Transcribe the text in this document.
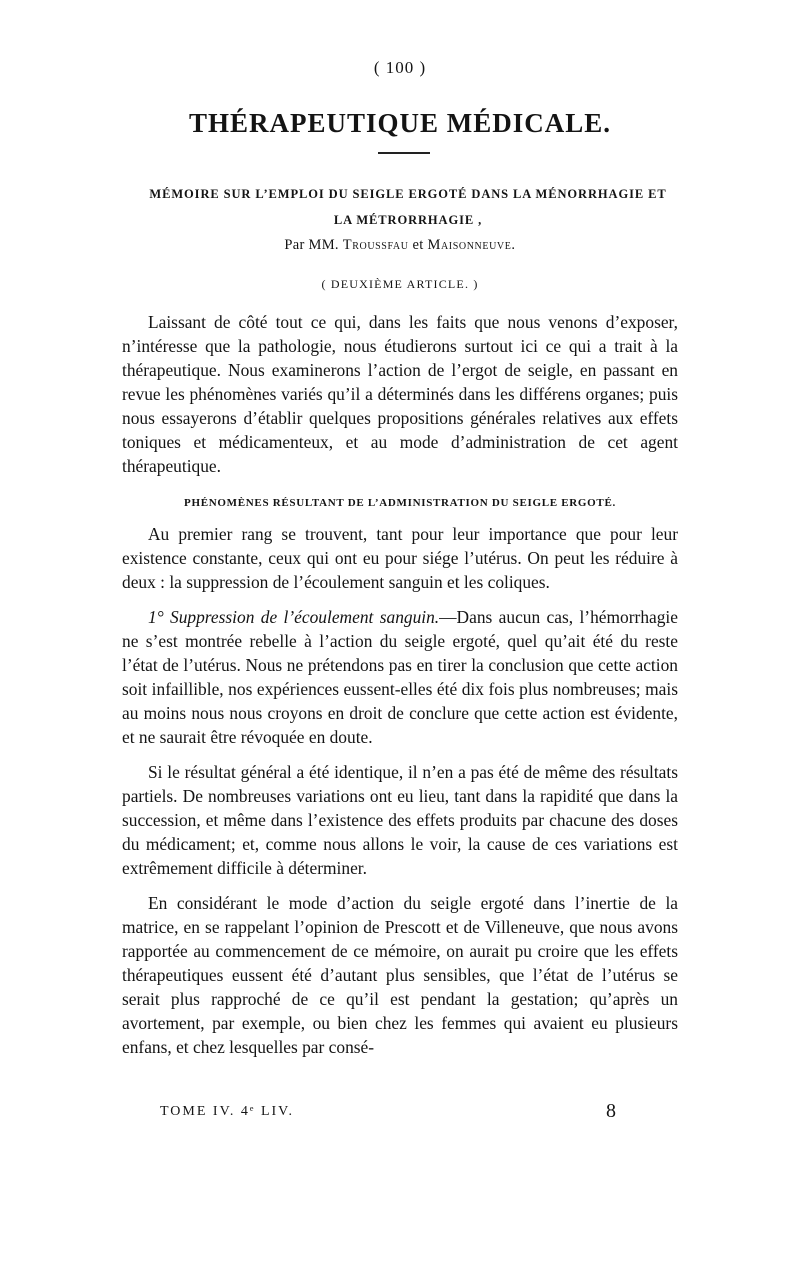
( 100 )
THÉRAPEUTIQUE MÉDICALE.
MÉMOIRE SUR L’EMPLOI DU SEIGLE ERGOTÉ DANS LA MÉNORRHAGIE ET LA MÉTRORRHAGIE ,
Par MM. Troussfau et Maisonneuve.
( DEUXIÈME ARTICLE. )

Laissant de côté tout ce qui, dans les faits que nous venons d’exposer, n’intéresse que la pathologie, nous étudierons surtout ici ce qui a trait à la thérapeutique. Nous examinerons l’action de l’ergot de seigle, en passant en revue les phénomènes variés qu’il a déterminés dans les différens organes; puis nous essayerons d’établir quelques propositions générales relatives aux effets toniques et médicamenteux, et au mode d’administration de cet agent thérapeutique.

PHÉNOMÈNES RÉSULTANT DE L’ADMINISTRATION DU SEIGLE ERGOTÉ.

Au premier rang se trouvent, tant pour leur importance que pour leur existence constante, ceux qui ont eu pour siége l’utérus. On peut les réduire à deux : la suppression de l’écoulement sanguin et les coliques.

1° Suppression de l’écoulement sanguin.—Dans aucun cas, l’hémorrhagie ne s’est montrée rebelle à l’action du seigle ergoté, quel qu’ait été du reste l’état de l’utérus. Nous ne prétendons pas en tirer la conclusion que cette action soit infaillible, nos expériences eussent-elles été dix fois plus nombreuses; mais au moins nous nous croyons en droit de conclure que cette action est évidente, et ne saurait être révoquée en doute.

Si le résultat général a été identique, il n’en a pas été de même des résultats partiels. De nombreuses variations ont eu lieu, tant dans la rapidité que dans la succession, et même dans l’existence des effets produits par chacune des doses du médicament; et, comme nous allons le voir, la cause de ces variations est extrêmement difficile à déterminer.

En considérant le mode d’action du seigle ergoté dans l’inertie de la matrice, en se rappelant l’opinion de Prescott et de Villeneuve, que nous avons rapportée au commencement de ce mémoire, on aurait pu croire que les effets thérapeutiques eussent été d’autant plus sensibles, que l’état de l’utérus se serait plus rapproché de ce qu’il est pendant la gestation; qu’après un avortement, par exemple, ou bien chez les femmes qui avaient eu plusieurs enfans, et chez lesquelles par consé-

TOME IV. 4ᵉ LIV.	8
